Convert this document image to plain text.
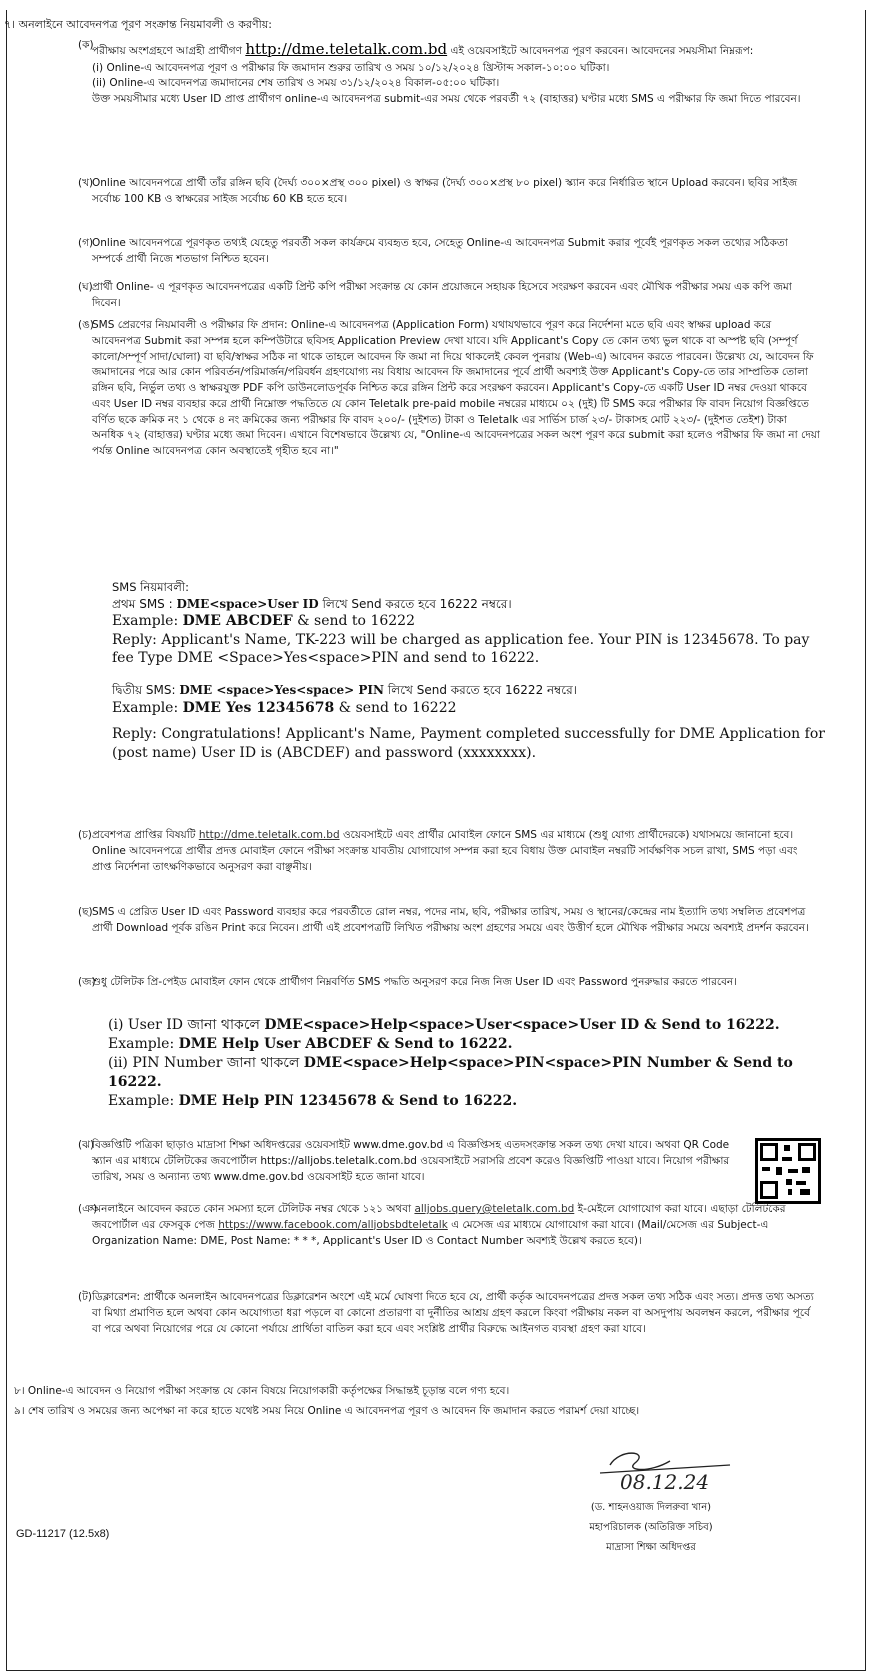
৭। অনলাইনে আবেদনপত্র পূরণ সংক্রান্ত নিয়মাবলী ও করণীয়:
(ক)

পরীক্ষায় অংশগ্রহণে আগ্রহী প্রার্থীগণ http://dme.teletalk.com.bd এই ওয়েবসাইটে আবেদনপত্র পূরণ করবেন। আবেদনের সময়সীমা নিম্নরূপ:

(i) Online-এ আবেদনপত্র পূরণ ও পরীক্ষার ফি জমাদান শুরুর তারিখ ও সময় ১০/১২/২০২৪ খ্রিস্টাব্দ সকাল-১০:০০ ঘটিকা।

(ii) Online-এ আবেদনপত্র জমাদানের শেষ তারিখ ও সময় ৩১/১২/২০২৪ বিকাল-০৫:০০ ঘটিকা।

উক্ত সময়সীমার মধ্যে User ID প্রাপ্ত প্রার্থীগণ online-এ আবেদনপত্র submit-এর সময় থেকে পরবর্তী ৭২ (বাহাত্তর) ঘণ্টার মধ্যে SMS এ পরীক্ষার ফি জমা দিতে পারবেন।

(খ)

Online আবেদনপত্রে প্রার্থী তাঁর রঙ্গিন ছবি (দৈর্ঘ্য ৩০০×প্রস্থ ৩০০ pixel) ও স্বাক্ষর (দৈর্ঘ্য ৩০০×প্রস্থ ৮০ pixel) স্ক্যান করে নির্ধারিত স্থানে Upload করবেন। ছবির সাইজ সর্বোচ্চ 100 KB ও স্বাক্ষরের সাইজ সর্বোচ্চ 60 KB হতে হবে।

(গ)

Online আবেদনপত্রে পূরণকৃত তথ্যই যেহেতু পরবর্তী সকল কার্যক্রমে ব্যবহৃত হবে, সেহেতু Online-এ আবেদনপত্র Submit করার পূর্বেই পূরণকৃত সকল তথ্যের সঠিকতা সম্পর্কে প্রার্থী নিজে শতভাগ নিশ্চিত হবেন।

(ঘ) প্রার্থী Online- এ পূরণকৃত আবেদনপত্রের একটি প্রিন্ট কপি পরীক্ষা সংক্রান্ত যে কোন প্রয়োজনে সহায়ক হিসেবে সংরক্ষণ করবেন এবং মৌখিক পরীক্ষার সময় এক কপি জমা দিবেন।

(ঙ)

SMS প্রেরণের নিয়মাবলী ও পরীক্ষার ফি প্রদান: Online-এ আবেদনপত্র (Application Form) যথাযথভাবে পূরণ করে নির্দেশনা মতে ছবি এবং স্বাক্ষর upload করে আবেদনপত্র Submit করা সম্পন্ন হলে কম্পিউটারে ছবিসহ Application Preview দেখা যাবে। যদি Applicant's Copy তে কোন তথ্য ভুল থাকে বা অস্পষ্ট ছবি (সম্পূর্ণ কালো/সম্পূর্ণ সাদা/ঘোলা) বা ছবি/স্বাক্ষর সঠিক না থাকে তাহলে আবেদন ফি জমা না দিয়ে থাকলেই কেবল পুনরায় (Web-এ) আবেদন করতে পারবেন। উল্লেখ্য যে, আবেদন ফি জমাদানের পরে আর কোন পরিবর্তন/পরিমার্জন/পরিবর্ধন গ্রহণযোগ্য নয় বিধায় আবেদন ফি জমাদানের পূর্বে প্রার্থী অবশ্যই উক্ত Applicant's Copy-তে তার সাম্প্রতিক তোলা রঙ্গিন ছবি, নির্ভুল তথ্য ও স্বাক্ষরযুক্ত PDF কপি ডাউনলোডপূর্বক নিশ্চিত করে রঙ্গিন প্রিন্ট করে সংরক্ষণ করবেন। Applicant's Copy-তে একটি User ID নম্বর দেওয়া থাকবে এবং User ID নম্বর ব্যবহার করে প্রার্থী নিম্নোক্ত পদ্ধতিতে যে কোন Teletalk pre-paid mobile নম্বরের মাধ্যমে ০২ (দুই) টি SMS করে পরীক্ষার ফি বাবদ নিয়োগ বিজ্ঞপ্তিতে বর্ণিত ছকে ক্রমিক নং ১ থেকে ৪ নং ক্রমিকের জন্য পরীক্ষার ফি বাবদ ২০০/- (দুইশত) টাকা ও Teletalk এর সার্ভিস চার্জ ২৩/- টাকাসহ মোট ২২৩/- (দুইশত তেইশ) টাকা অনধিক ৭২ (বাহাত্তর) ঘণ্টার মধ্যে জমা দিবেন। এখানে বিশেষভাবে উল্লেখ্য যে, "Online-এ আবেদনপত্রের সকল অংশ পূরণ করে submit করা হলেও পরীক্ষার ফি জমা না দেয়া পর্যন্ত Online আবেদনপত্র কোন অবস্থাতেই গৃহীত হবে না।"

SMS নিয়মাবলী:
প্রথম SMS : DME<space>User ID লিখে Send করতে হবে 16222 নম্বরে।
Example: DME ABCDEF & send to 16222
Reply: Applicant's Name, TK-223 will be charged as application fee. Your PIN is 12345678. To pay fee Type DME <Space>Yes<space>PIN and send to 16222.
দ্বিতীয় SMS: DME <space>Yes<space> PIN লিখে Send করতে হবে 16222 নম্বরে।
Example: DME Yes 12345678 & send to 16222
Reply: Congratulations! Applicant's Name, Payment completed successfully for DME Application for (post name) User ID is (ABCDEF) and password (xxxxxxxx).
(চ) প্রবেশপত্র প্রাপ্তির বিষয়টি http://dme.teletalk.com.bd ওয়েবসাইটে এবং প্রার্থীর মোবাইল ফোনে SMS এর মাধ্যমে (শুধু যোগ্য প্রার্থীদেরকে) যথাসময়ে জানানো হবে। Online আবেদনপত্রে প্রার্থীর প্রদত্ত মোবাইল ফোনে পরীক্ষা সংক্রান্ত যাবতীয় যোগাযোগ সম্পন্ন করা হবে বিধায় উক্ত মোবাইল নম্বরটি সার্বক্ষণিক সচল রাখা, SMS পড়া এবং প্রাপ্ত নির্দেশনা তাৎক্ষণিকভাবে অনুসরণ করা বাঞ্ছনীয়।

(ছ) SMS এ প্রেরিত User ID এবং Password ব্যবহার করে পরবর্তীতে রোল নম্বর, পদের নাম, ছবি, পরীক্ষার তারিখ, সময় ও স্থানের/কেন্দ্রের নাম ইত্যাদি তথ্য সম্বলিত প্রবেশপত্র প্রার্থী Download পূর্বক রঙিন Print করে নিবেন। প্রার্থী এই প্রবেশপত্রটি লিখিত পরীক্ষায় অংশ গ্রহণের সময়ে এবং উত্তীর্ণ হলে মৌখিক পরীক্ষার সময়ে অবশ্যই প্রদর্শন করবেন।

(জ)

শুধু টেলিটক প্রি-পেইড মোবাইল ফোন থেকে প্রার্থীগণ নিম্নবর্ণিত SMS পদ্ধতি অনুসরণ করে নিজ নিজ User ID এবং Password পুনরুদ্ধার করতে পারবেন।

(i) User ID জানা থাকলে DME<space>Help<space>User<space>User ID & Send to 16222.
Example: DME Help User ABCDEF & Send to 16222.
(ii) PIN Number জানা থাকলে DME<space>Help<space>PIN<space>PIN Number & Send to 16222.
Example: DME Help PIN 12345678 & Send to 16222.
(ঝ)

বিজ্ঞপ্তিটি পত্রিকা ছাড়াও মাদ্রাসা শিক্ষা অধিদপ্তরের ওয়েবসাইট www.dme.gov.bd এ বিজ্ঞপ্তিসহ এতদসংক্রান্ত সকল তথ্য দেখা যাবে। অথবা QR Code স্ক্যান এর মাধ্যমে টেলিটকের জবপোর্টাল https://alljobs.teletalk.com.bd ওয়েবসাইটে সরাসরি প্রবেশ করেও বিজ্ঞপ্তিটি পাওয়া যাবে। নিয়োগ পরীক্ষার তারিখ, সময় ও অন্যান্য তথ্য www.dme.gov.bd ওয়েবসাইট হতে জানা যাবে।

(ঞ)

অনলাইনে আবেদন করতে কোন সমস্যা হলে টেলিটক নম্বর থেকে ১২১ অথবা alljobs.query@teletalk.com.bd ই-মেইলে যোগাযোগ করা যাবে। এছাড়া টেলিটকের জবপোর্টাল এর ফেসবুক পেজ https://www.facebook.com/alljobsbdteletalk এ মেসেজ এর মাধ্যমে যোগাযোগ করা যাবে। (Mail/মেসেজ এর Subject-এ Organization Name: DME, Post Name: * * *, Applicant's User ID ও Contact Number অবশ্যই উল্লেখ করতে হবে)।

(ট) ডিক্লারেশন: প্রার্থীকে অনলাইন আবেদনপত্রের ডিক্লারেশন অংশে এই মর্মে ঘোষণা দিতে হবে যে, প্রার্থী কর্তৃক আবেদনপত্রের প্রদত্ত সকল তথ্য সঠিক এবং সত্য। প্রদত্ত তথ্য অসত্য বা মিথ্যা প্রমাণিত হলে অথবা কোন অযোগ্যতা ধরা পড়লে বা কোনো প্রতারণা বা দুর্নীতির আশ্রয় গ্রহণ করলে কিংবা পরীক্ষায় নকল বা অসদুপায় অবলম্বন করলে, পরীক্ষার পূর্বে বা পরে অথবা নিয়োগের পরে যে কোনো পর্যায়ে প্রার্থিতা বাতিল করা হবে এবং সংশ্লিষ্ট প্রার্থীর বিরুদ্ধে আইনগত ব্যবস্থা গ্রহণ করা যাবে।

৮। Online-এ আবেদন ও নিয়োগ পরীক্ষা সংক্রান্ত যে কোন বিষয়ে নিয়োগকারী কর্তৃপক্ষের সিদ্ধান্তই চূড়ান্ত বলে গণ্য হবে।
৯। শেষ তারিখ ও সময়ের জন্য অপেক্ষা না করে হাতে যথেষ্ট সময় নিয়ে Online এ আবেদনপত্র পূরণ ও আবেদন ফি জমাদান করতে পরামর্শ দেয়া যাচ্ছে।
08.12.24
(ড. শাহনওয়াজ দিলরুবা খান)
মহাপরিচালক (অতিরিক্ত সচিব)
মাদ্রাসা শিক্ষা অধিদপ্তর
GD-11217 (12.5x8)
